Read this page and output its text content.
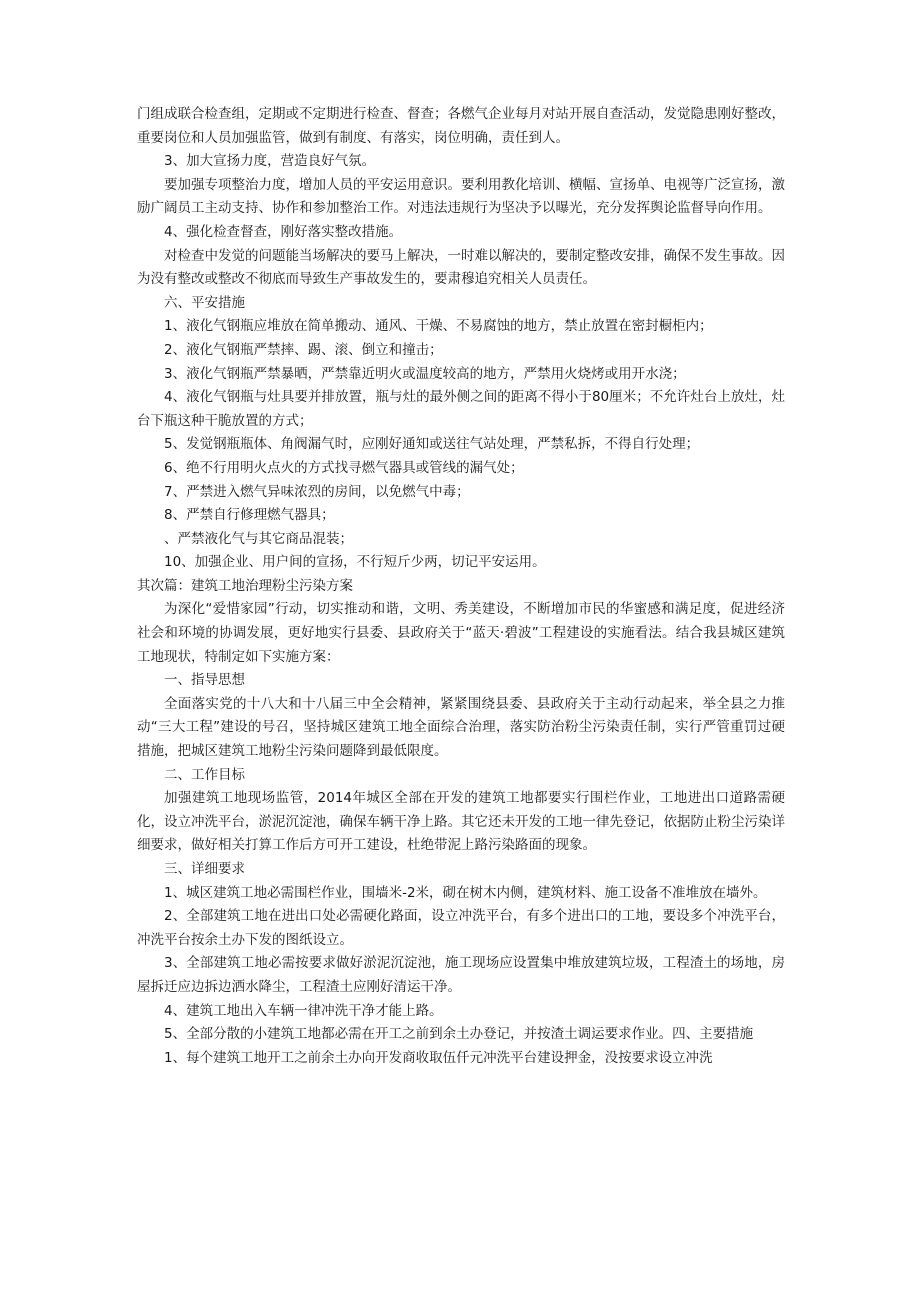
门组成联合检查组，定期或不定期进行检查、督查；各燃气企业每月对站开展自查活动，发觉隐患刚好整改，重要岗位和人员加强监管，做到有制度、有落实，岗位明确，责任到人。

3、加大宣扬力度，营造良好气氛。

要加强专项整治力度，增加人员的平安运用意识。要利用教化培训、横幅、宣扬单、电视等广泛宣扬，激励广阔员工主动支持、协作和参加整治工作。对违法违规行为坚决予以曝光，充分发挥舆论监督导向作用。

4、强化检查督查，刚好落实整改措施。

对检查中发觉的问题能当场解决的要马上解决，一时难以解决的，要制定整改安排，确保不发生事故。因为没有整改或整改不彻底而导致生产事故发生的，要肃穆追究相关人员责任。

六、平安措施

1、液化气钢瓶应堆放在简单搬动、通风、干燥、不易腐蚀的地方，禁止放置在密封橱柜内；

2、液化气钢瓶严禁摔、踢、滚、倒立和撞击；

3、液化气钢瓶严禁暴晒，严禁靠近明火或温度较高的地方，严禁用火烧烤或用开水浇；

4、液化气钢瓶与灶具要并排放置，瓶与灶的最外侧之间的距离不得小于80厘米；不允许灶台上放灶，灶台下瓶这种干脆放置的方式；

5、发觉钢瓶瓶体、角阀漏气时，应刚好通知或送往气站处理，严禁私拆，不得自行处理；

6、绝不行用明火点火的方式找寻燃气器具或管线的漏气处；

7、严禁进入燃气异味浓烈的房间，以免燃气中毒；

8、严禁自行修理燃气器具；

、严禁液化气与其它商品混装；

10、加强企业、用户间的宣扬，不行短斤少两，切记平安运用。

其次篇：建筑工地治理粉尘污染方案

为深化“爱惜家园”行动，切实推动和谐，文明、秀美建设，不断增加市民的华蜜感和满足度，促进经济社会和环境的协调发展，更好地实行县委、县政府关于“蓝天·碧波”工程建设的实施看法。结合我县城区建筑工地现状，特制定如下实施方案：

一、指导思想

全面落实党的十八大和十八届三中全会精神，紧紧围绕县委、县政府关于主动行动起来，举全县之力推动“三大工程”建设的号召，坚持城区建筑工地全面综合治理，落实防治粉尘污染责任制，实行严管重罚过硬措施，把城区建筑工地粉尘污染问题降到最低限度。

二、工作目标

加强建筑工地现场监管，2014年城区全部在开发的建筑工地都要实行围栏作业，工地进出口道路需硬化，设立冲洗平台，淤泥沉淀池，确保车辆干净上路。其它还未开发的工地一律先登记，依据防止粉尘污染详细要求，做好相关打算工作后方可开工建设，杜绝带泥上路污染路面的现象。

三、详细要求

1、城区建筑工地必需围栏作业，围墙米-2米，砌在树木内侧，建筑材料、施工设备不准堆放在墙外。

2、全部建筑工地在进出口处必需硬化路面，设立冲洗平台，有多个进出口的工地，要设多个冲洗平台，冲洗平台按余土办下发的图纸设立。

3、全部建筑工地必需按要求做好淤泥沉淀池，施工现场应设置集中堆放建筑垃圾，工程渣土的场地，房屋拆迁应边拆边洒水降尘，工程渣土应刚好清运干净。

4、建筑工地出入车辆一律冲洗干净才能上路。

5、全部分散的小建筑工地都必需在开工之前到余土办登记，并按渣土调运要求作业。四、主要措施

1、每个建筑工地开工之前余土办向开发商收取伍仟元冲洗平台建设押金，没按要求设立冲洗
